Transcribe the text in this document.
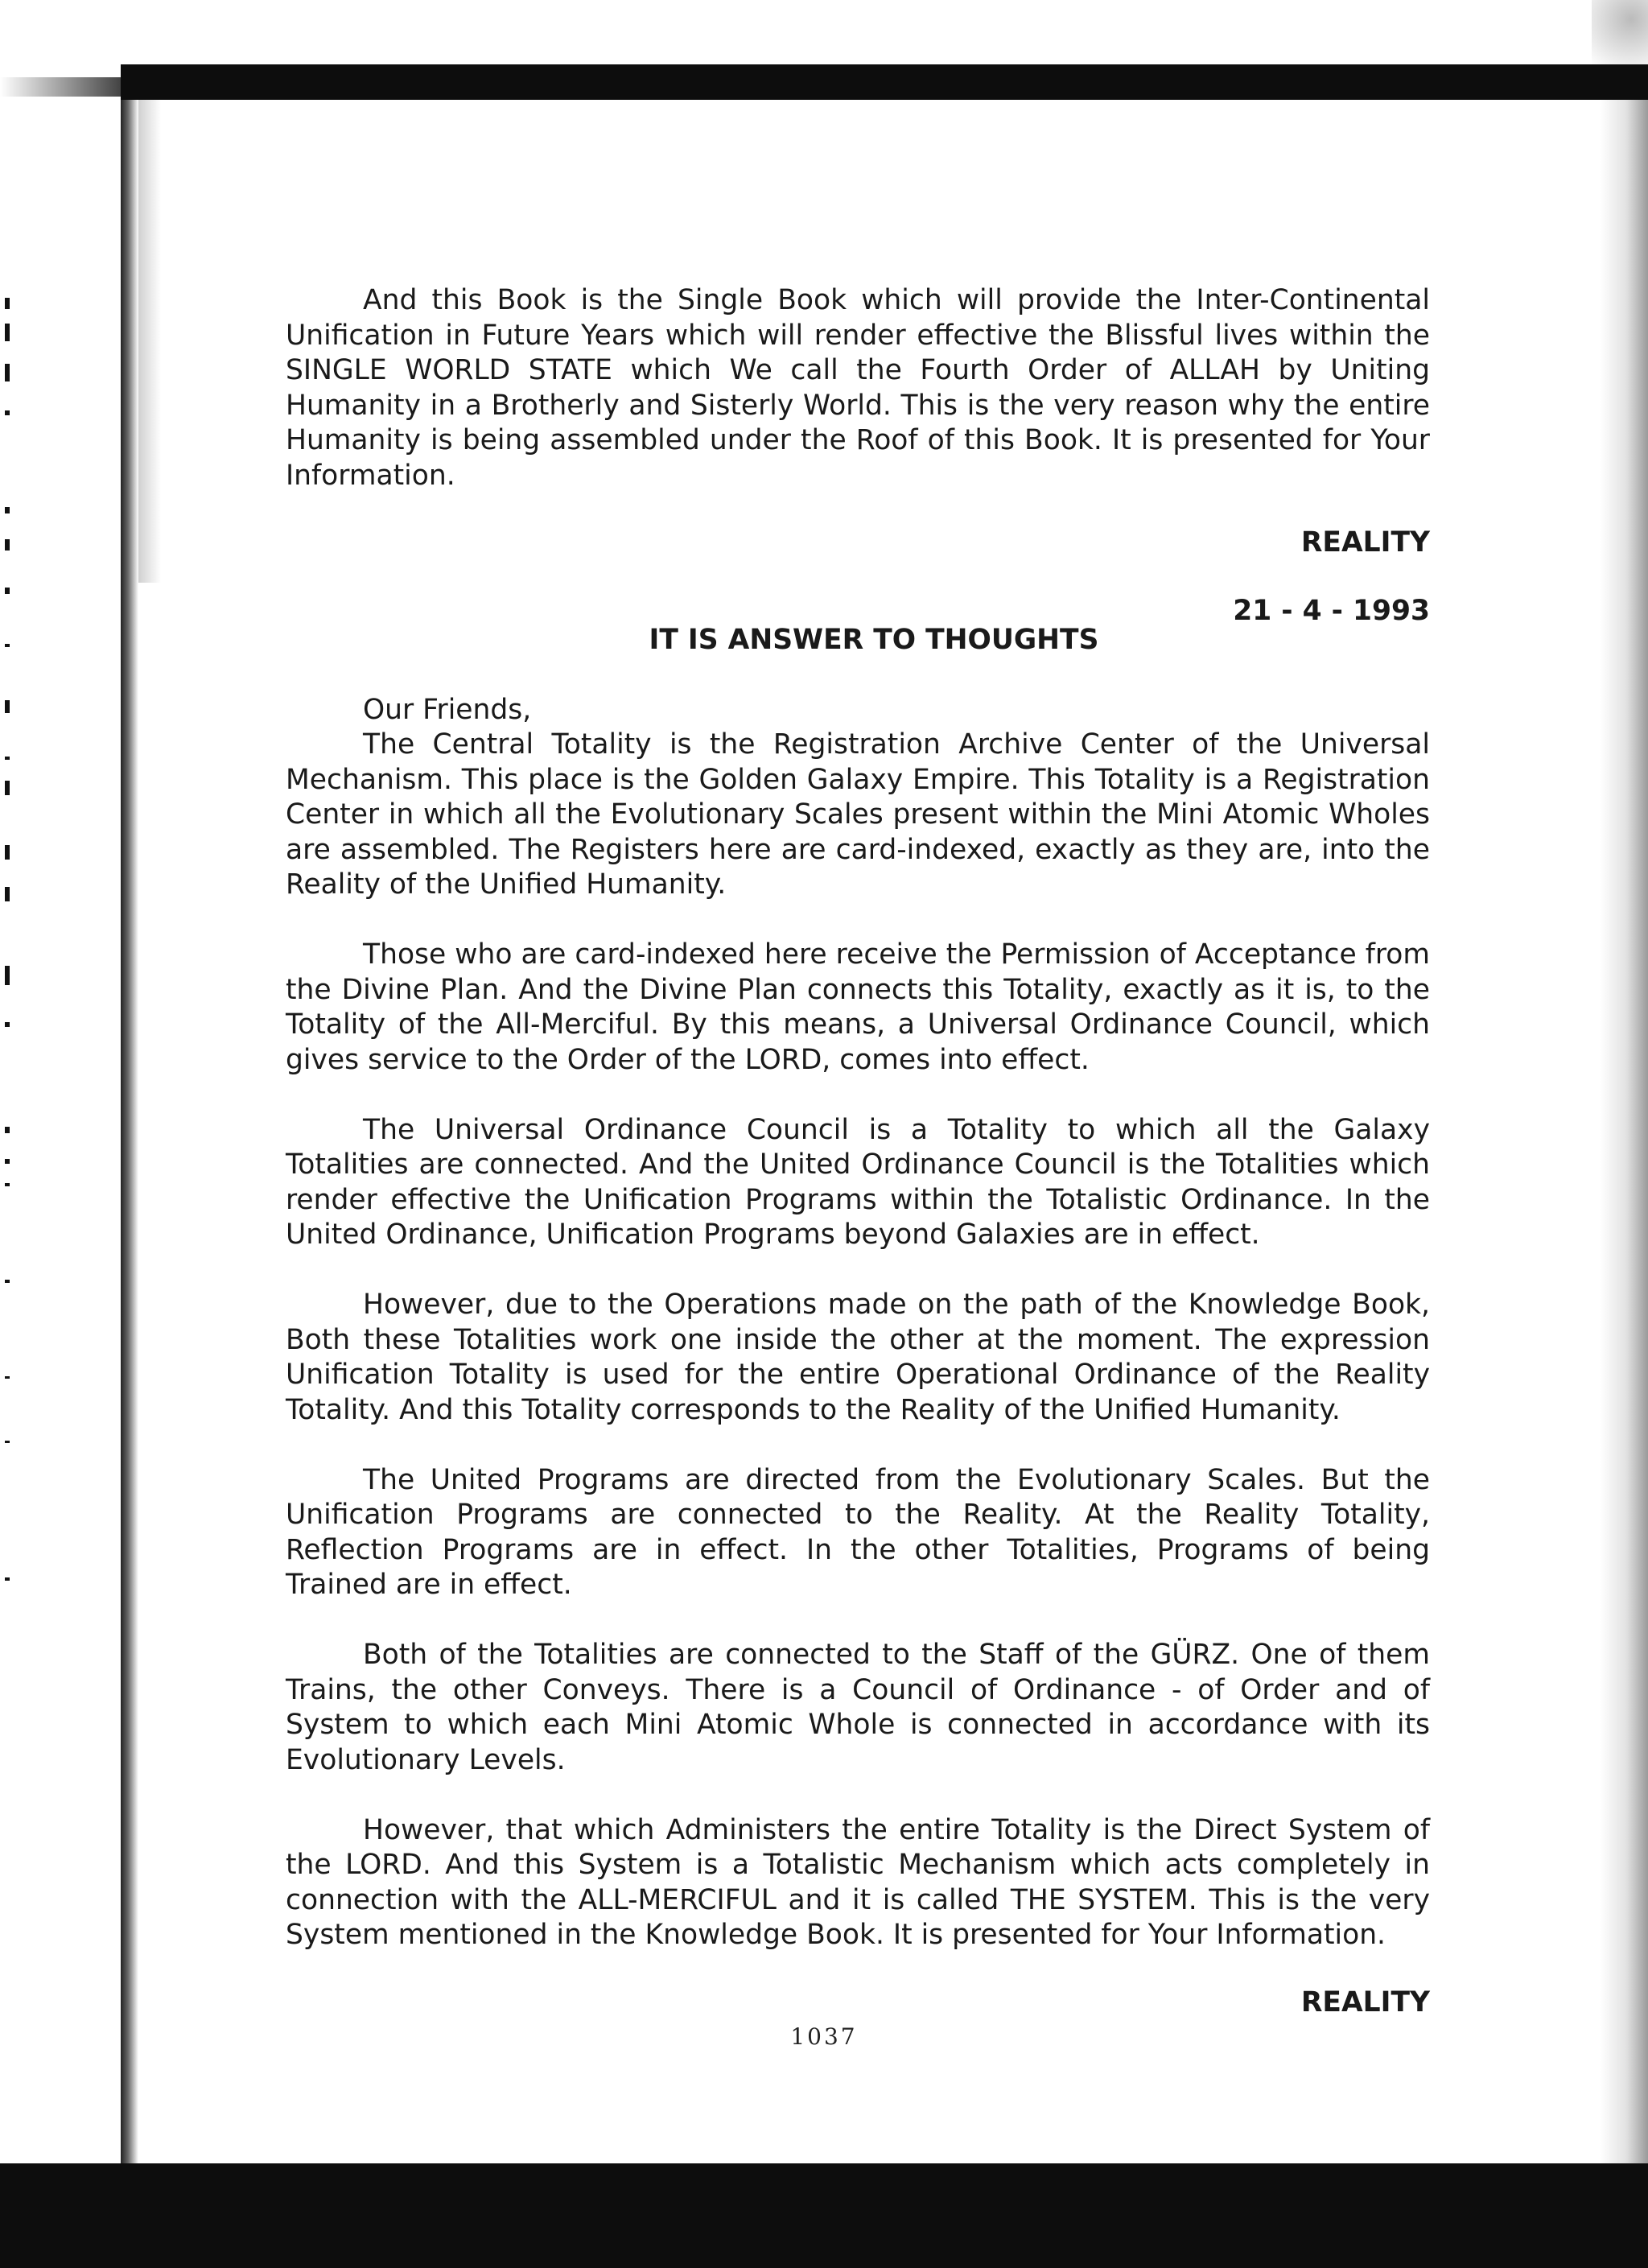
And this Book is the Single Book which will provide the Inter-Continental Unification in Future Years which will render effective the Blissful lives within the SINGLE WORLD STATE which We call the Fourth Order of ALLAH by Uniting Humanity in a Brotherly and Sisterly World. This is the very reason why the entire Humanity is being assembled under the Roof of this Book. It is presented for Your Information.

REALITY

21 - 4 - 1993

IT IS ANSWER TO THOUGHTS

Our Friends,

The Central Totality is the Registration Archive Center of the Universal Mechanism. This place is the Golden Galaxy Empire. This Totality is a Registration Center in which all the Evolutionary Scales present within the Mini Atomic Wholes are assembled. The Registers here are card-indexed, exactly as they are, into the Reality of the Unified Humanity.

Those who are card-indexed here receive the Permission of Acceptance from the Divine Plan. And the Divine Plan connects this Totality, exactly as it is, to the Totality of the All-Merciful. By this means, a Universal Ordinance Council, which gives service to the Order of the LORD, comes into effect.

The Universal Ordinance Council is a Totality to which all the Galaxy Totalities are connected. And the United Ordinance Council is the Totalities which render effective the Unification Programs within the Totalistic Ordinance. In the United Ordinance, Unification Programs beyond Galaxies are in effect.

However, due to the Operations made on the path of the Knowledge Book, Both these Totalities work one inside the other at the moment. The expression Unification Totality is used for the entire Operational Ordinance of the Reality Totality. And this Totality corresponds to the Reality of the Unified Humanity.

The United Programs are directed from the Evolutionary Scales. But the Unification Programs are connected to the Reality. At the Reality Totality, Reflection Programs are in effect. In the other Totalities, Programs of being Trained are in effect.

Both of the Totalities are connected to the Staff of the GÜRZ. One of them Trains, the other Conveys. There is a Council of Ordinance - of Order and of System to which each Mini Atomic Whole is connected in accordance with its Evolutionary Levels.

However, that which Administers the entire Totality is the Direct System of the LORD. And this System is a Totalistic Mechanism which acts completely in connection with the ALL-MERCIFUL and it is called THE SYSTEM. This is the very System mentioned in the Knowledge Book. It is presented for Your Information.

REALITY

1037
